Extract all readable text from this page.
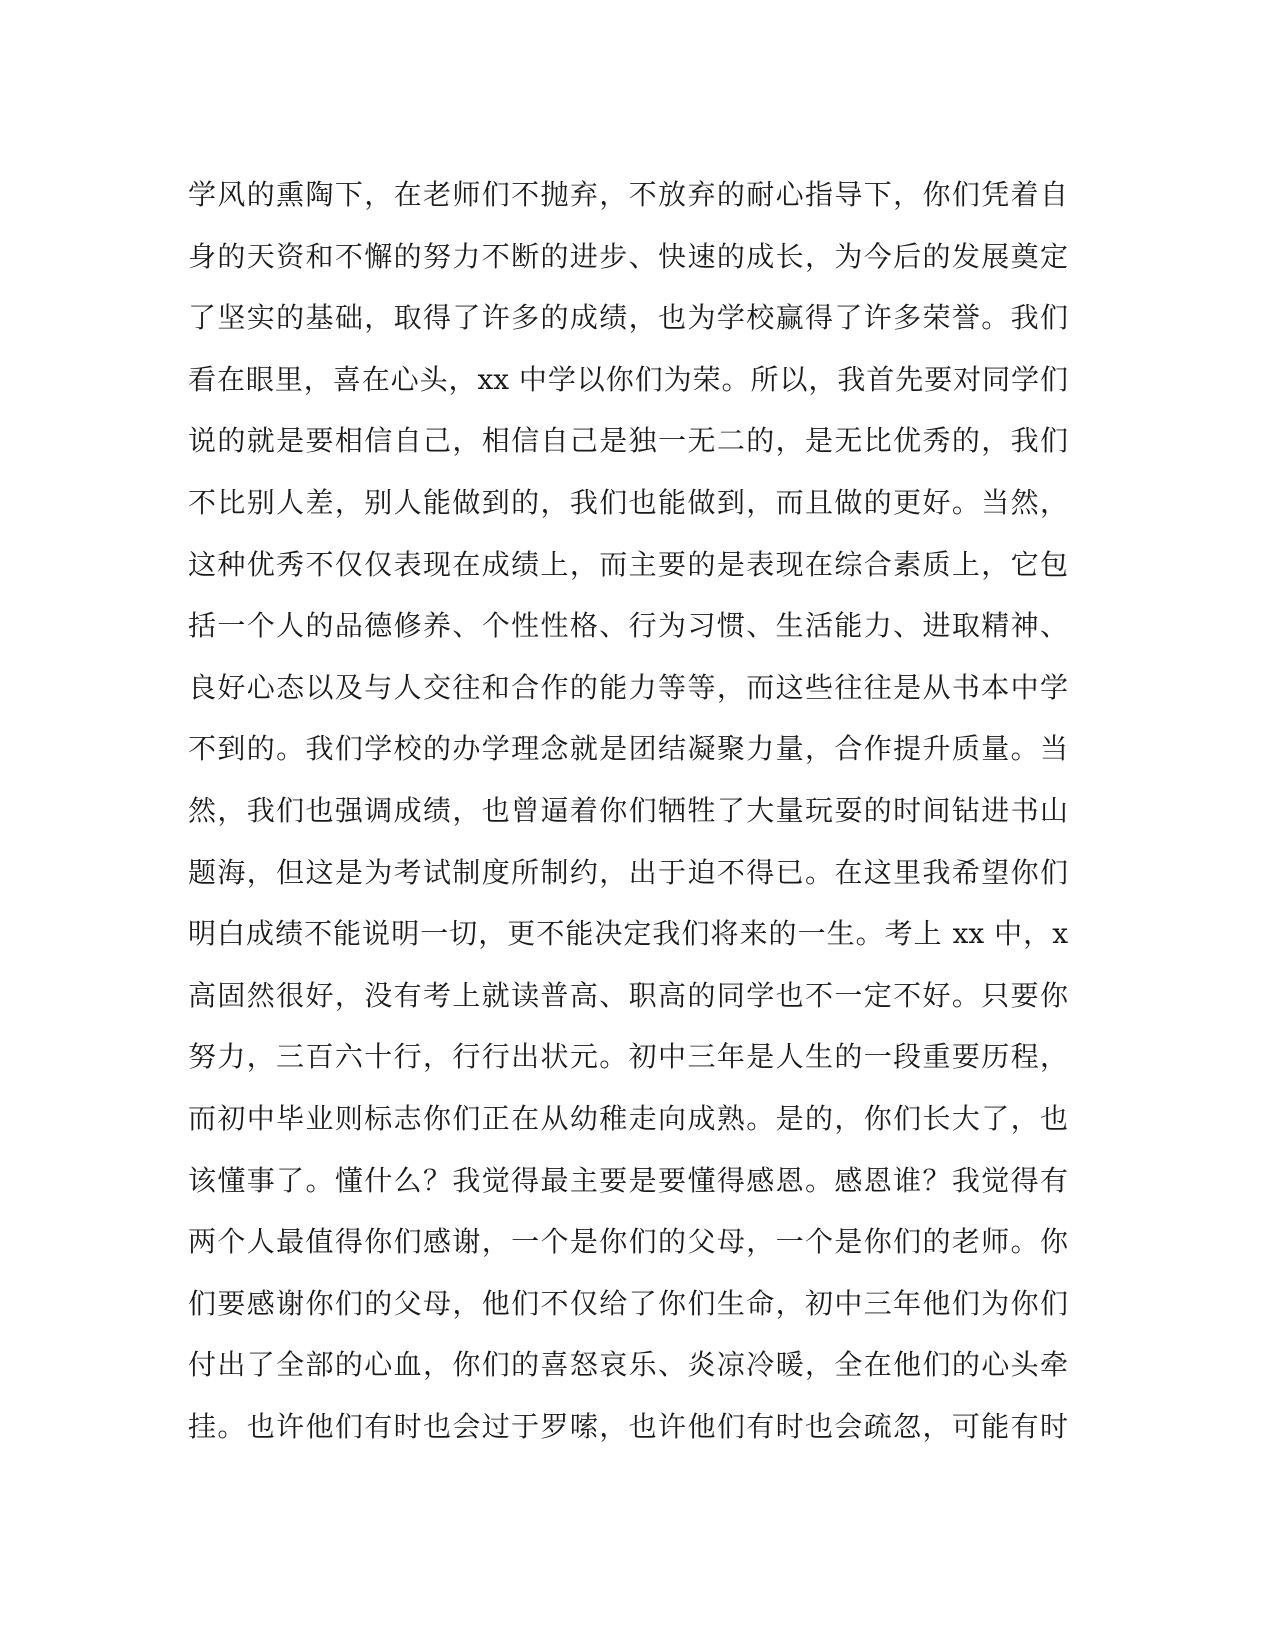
学风的熏陶下，在老师们不抛弃，不放弃的耐心指导下，你们凭着自
身的天资和不懈的努力不断的进步、快速的成长，为今后的发展奠定
了坚实的基础，取得了许多的成绩，也为学校赢得了许多荣誉。我们
看在眼里，喜在心头，xx 中学以你们为荣。所以，我首先要对同学们
说的就是要相信自己，相信自己是独一无二的，是无比优秀的，我们
不比别人差，别人能做到的，我们也能做到，而且做的更好。当然，
这种优秀不仅仅表现在成绩上，而主要的是表现在综合素质上，它包
括一个人的品德修养、个性性格、行为习惯、生活能力、进取精神、
良好心态以及与人交往和合作的能力等等，而这些往往是从书本中学
不到的。我们学校的办学理念就是团结凝聚力量，合作提升质量。当
然，我们也强调成绩，也曾逼着你们牺牲了大量玩耍的时间钻进书山
题海，但这是为考试制度所制约，出于迫不得已。在这里我希望你们
明白成绩不能说明一切，更不能决定我们将来的一生。考上 xx 中，x
高固然很好，没有考上就读普高、职高的同学也不一定不好。只要你
努力，三百六十行，行行出状元。初中三年是人生的一段重要历程，
而初中毕业则标志你们正在从幼稚走向成熟。是的，你们长大了，也
该懂事了。懂什么？我觉得最主要是要懂得感恩。感恩谁？我觉得有
两个人最值得你们感谢，一个是你们的父母，一个是你们的老师。你
们要感谢你们的父母，他们不仅给了你们生命，初中三年他们为你们
付出了全部的心血，你们的喜怒哀乐、炎凉冷暖，全在他们的心头牵
挂。也许他们有时也会过于罗嗦，也许他们有时也会疏忽，可能有时
